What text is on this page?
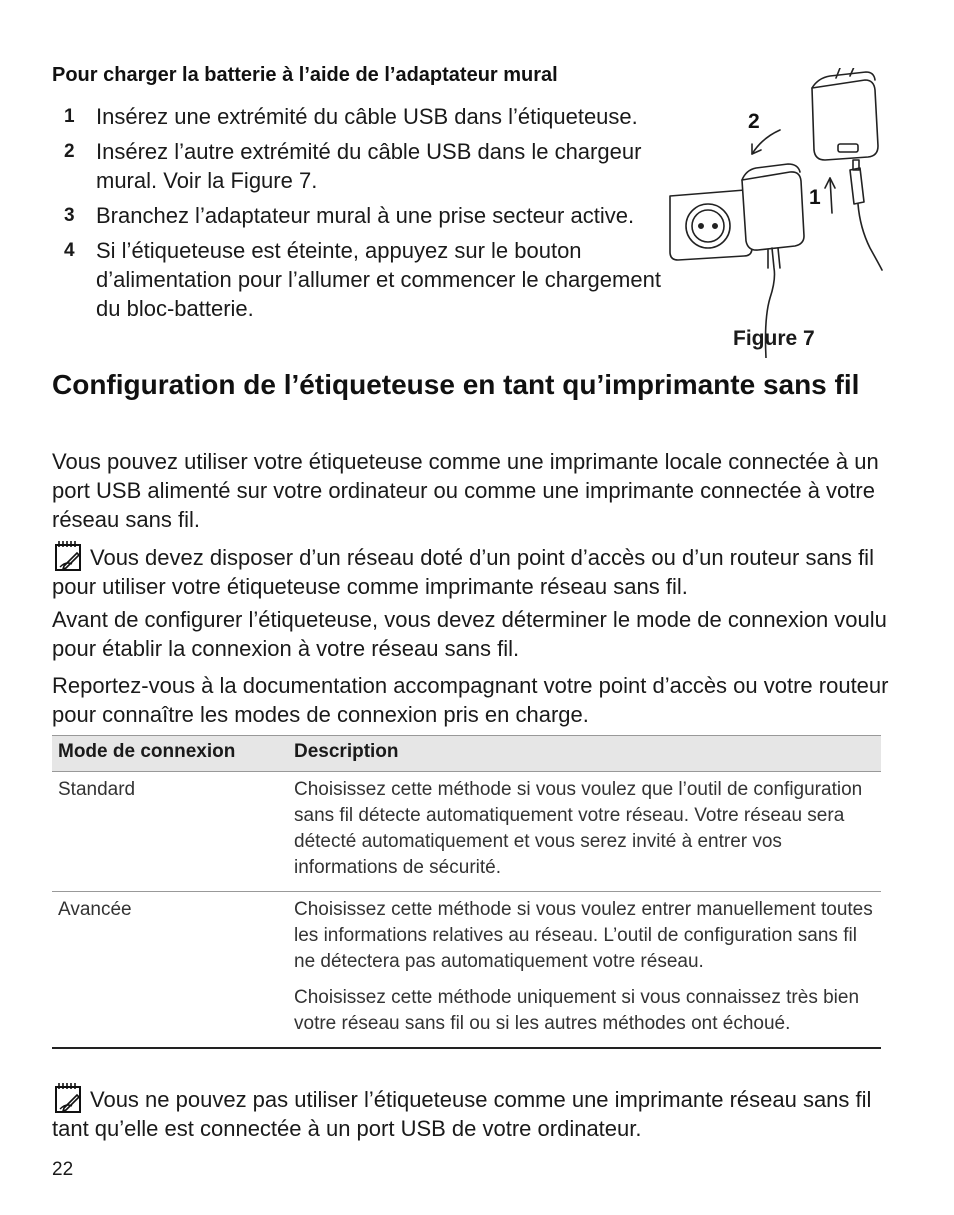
Pour charger la batterie à l’aide de l’adaptateur mural
1 Insérez une extrémité du câble USB dans l’étiqueteuse.
2 Insérez l’autre extrémité du câble USB dans le chargeur mural. Voir la Figure 7.
3 Branchez l’adaptateur mural à une prise secteur active.
4 Si l’étiqueteuse est éteinte, appuyez sur le bouton d’alimentation pour l’allumer et commencer le chargement du bloc-batterie.
2
1
Figure 7
Configuration de l’étiqueteuse en tant qu’imprimante sans fil
Vous pouvez utiliser votre étiqueteuse comme une imprimante locale connectée à un port USB alimenté sur votre ordinateur ou comme une imprimante connectée à votre réseau sans fil.
Vous devez disposer d’un réseau doté d’un point d’accès ou d’un routeur sans fil pour utiliser votre étiqueteuse comme imprimante réseau sans fil.
Avant de configurer l’étiqueteuse, vous devez déterminer le mode de connexion voulu pour établir la connexion à votre réseau sans fil.
Reportez-vous à la documentation accompagnant votre point d’accès ou votre routeur pour connaître les modes de connexion pris en charge.
Mode de connexion	Description
Standard	Choisissez cette méthode si vous voulez que l’outil de configuration sans fil détecte automatiquement votre réseau. Votre réseau sera détecté automatiquement et vous serez invité à entrer vos informations de sécurité.

Avancée	Choisissez cette méthode si vous voulez entrer manuellement toutes les informations relatives au réseau. L’outil de configuration sans fil ne détectera pas automatiquement votre réseau.

Choisissez cette méthode uniquement si vous connaissez très bien votre réseau sans fil ou si les autres méthodes ont échoué.

Vous ne pouvez pas utiliser l’étiqueteuse comme une imprimante réseau sans fil tant qu’elle est connectée à un port USB de votre ordinateur.
22
